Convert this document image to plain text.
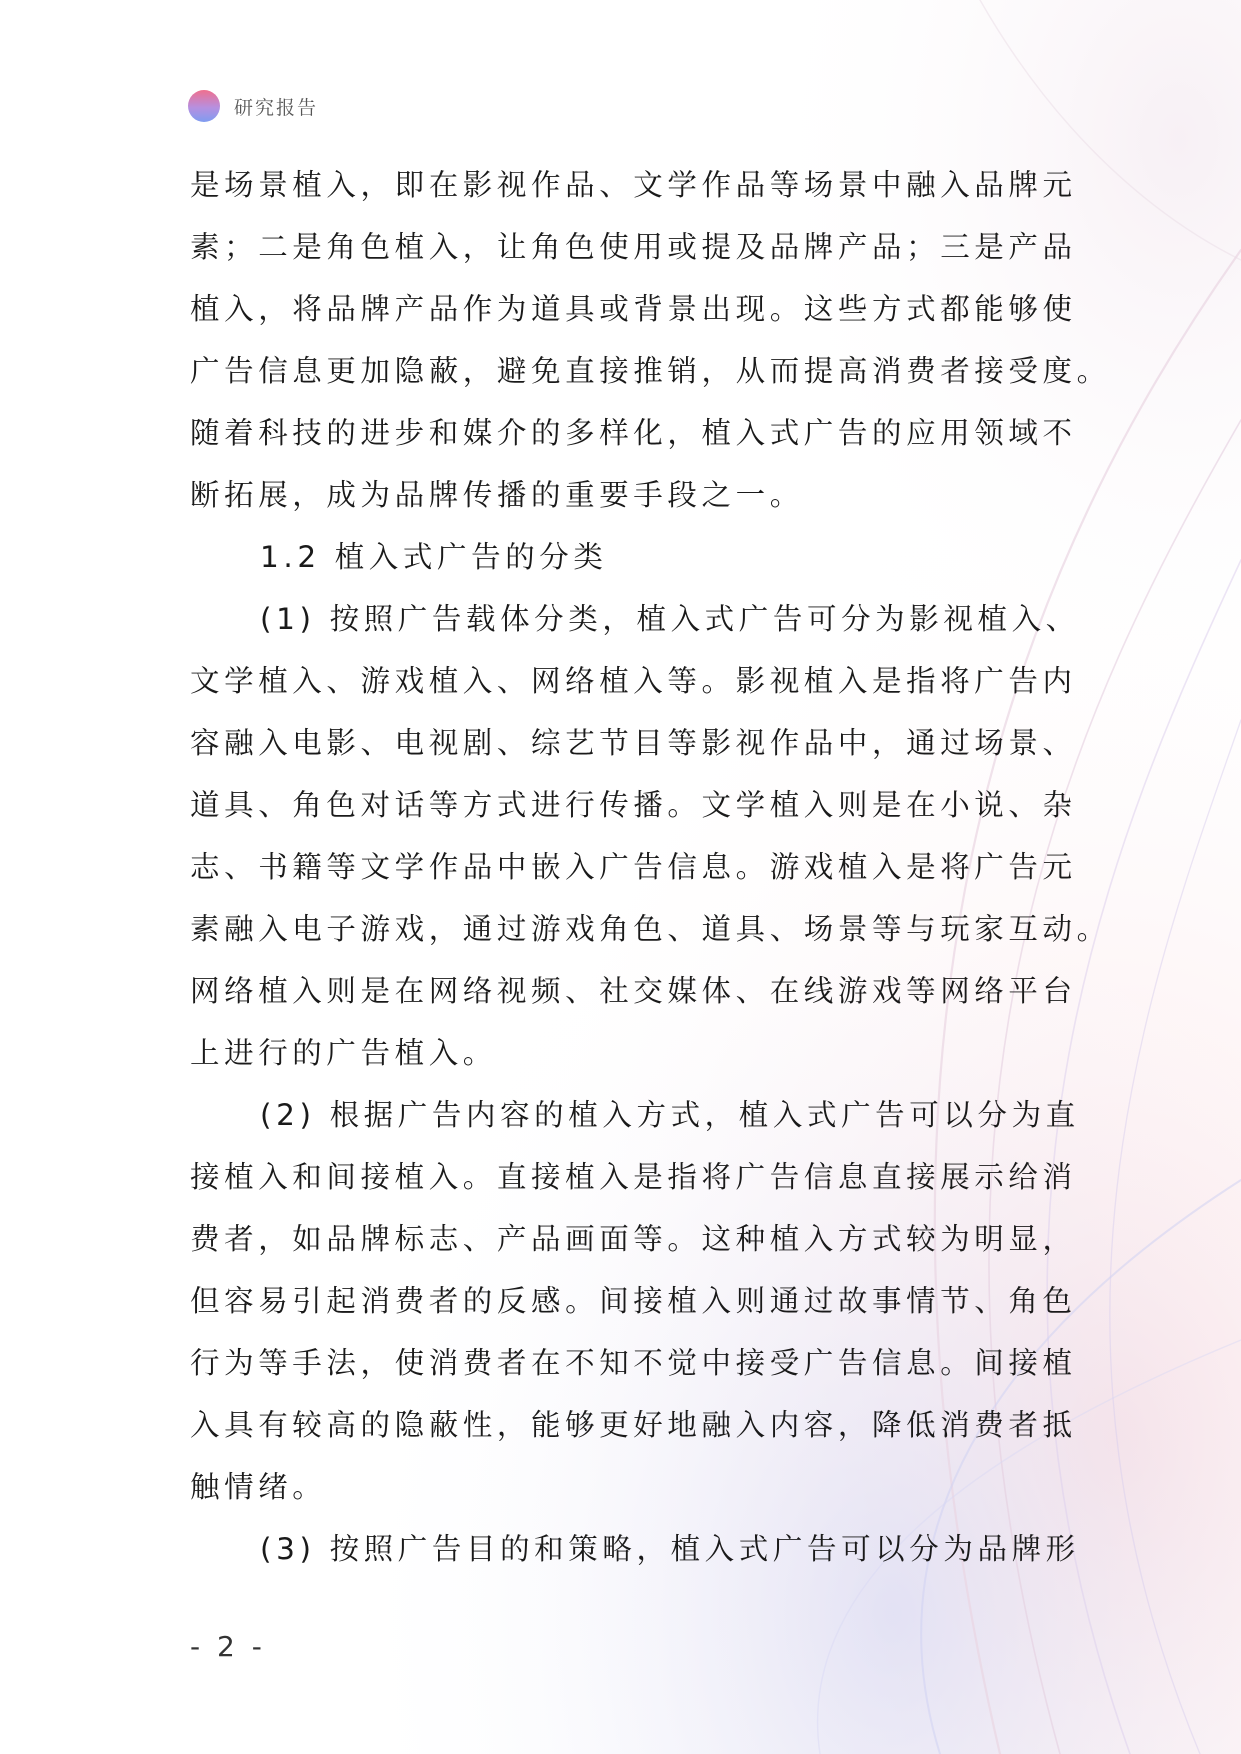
研究报告
是场景植入，即在影视作品、文学作品等场景中融入品牌元
素；二是角色植入，让角色使用或提及品牌产品；三是产品
植入，将品牌产品作为道具或背景出现。这些方式都能够使
广告信息更加隐蔽，避免直接推销，从而提高消费者接受度。
随着科技的进步和媒介的多样化，植入式广告的应用领域不
断拓展，成为品牌传播的重要手段之一。
1.2 植入式广告的分类
(1) 按照广告载体分类，植入式广告可分为影视植入、
文学植入、游戏植入、网络植入等。影视植入是指将广告内
容融入电影、电视剧、综艺节目等影视作品中，通过场景、
道具、角色对话等方式进行传播。文学植入则是在小说、杂
志、书籍等文学作品中嵌入广告信息。游戏植入是将广告元
素融入电子游戏，通过游戏角色、道具、场景等与玩家互动。
网络植入则是在网络视频、社交媒体、在线游戏等网络平台
上进行的广告植入。
(2) 根据广告内容的植入方式，植入式广告可以分为直
接植入和间接植入。直接植入是指将广告信息直接展示给消
费者，如品牌标志、产品画面等。这种植入方式较为明显，
但容易引起消费者的反感。间接植入则通过故事情节、角色
行为等手法，使消费者在不知不觉中接受广告信息。间接植
入具有较高的隐蔽性，能够更好地融入内容，降低消费者抵
触情绪。
(3) 按照广告目的和策略，植入式广告可以分为品牌形
- 2 -
